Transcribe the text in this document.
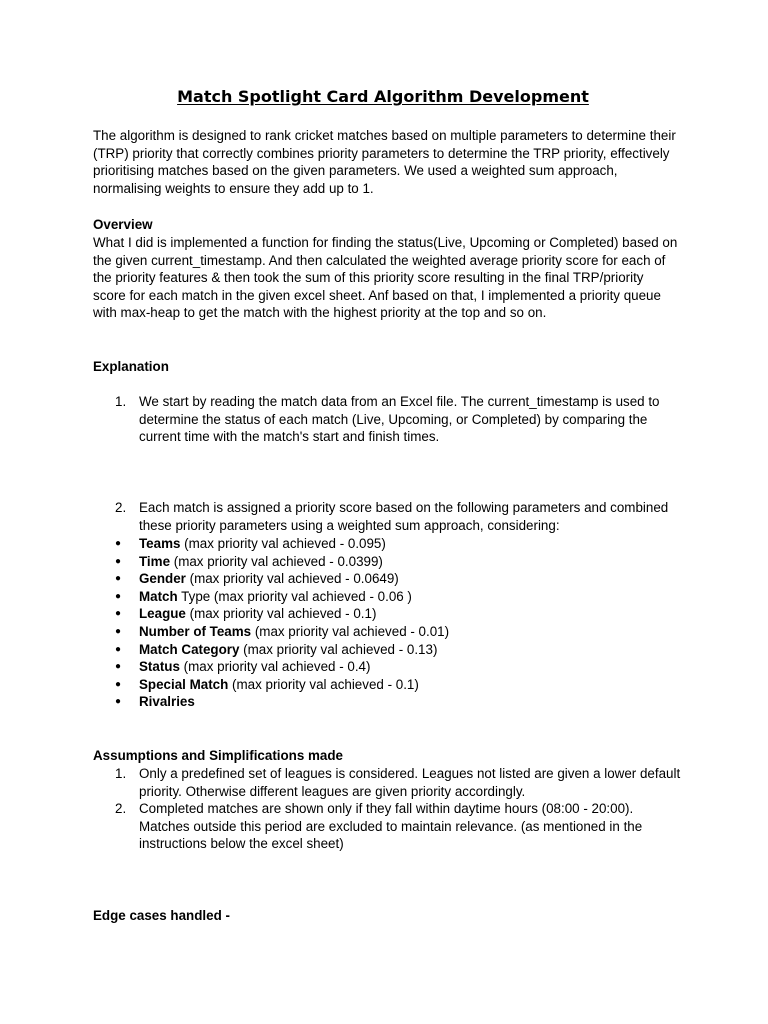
Match Spotlight Card Algorithm Development

The algorithm is designed to rank cricket matches based on multiple parameters to determine their (TRP) priority that correctly combines priority parameters to determine the TRP priority, effectively prioritising matches based on the given parameters. We used a weighted sum approach, normalising weights to ensure they add up to 1.

Overview

What I did is implemented a function for finding the status(Live, Upcoming or Completed) based on the given current_timestamp. And then calculated the weighted average priority score for each of the priority features & then took the sum of this priority score resulting in the final TRP/priority score for each match in the given excel sheet. Anf based on that, I implemented a priority queue with max-heap to get the match with the highest priority at the top and so on.

Explanation
1. We start by reading the match data from an Excel file. The current_timestamp is used to determine the status of each match (Live, Upcoming, or Completed) by comparing the current time with the match's start and finish times.
2. Each match is assigned a priority score based on the following parameters and combined these priority parameters using a weighted sum approach, considering:
● Teams (max priority val achieved - 0.095)
● Time (max priority val achieved - 0.0399)
● Gender (max priority val achieved - 0.0649)
● Match Type (max priority val achieved - 0.06 )
● League (max priority val achieved - 0.1)
● Number of Teams (max priority val achieved - 0.01)
● Match Category (max priority val achieved - 0.13)
● Status (max priority val achieved - 0.4)
● Special Match (max priority val achieved - 0.1)
● Rivalries
Assumptions and Simplifications made
1. Only a predefined set of leagues is considered. Leagues not listed are given a lower default priority. Otherwise different leagues are given priority accordingly.
2. Completed matches are shown only if they fall within daytime hours (08:00 - 20:00). Matches outside this period are excluded to maintain relevance. (as mentioned in the instructions below the excel sheet)
Edge cases handled -
